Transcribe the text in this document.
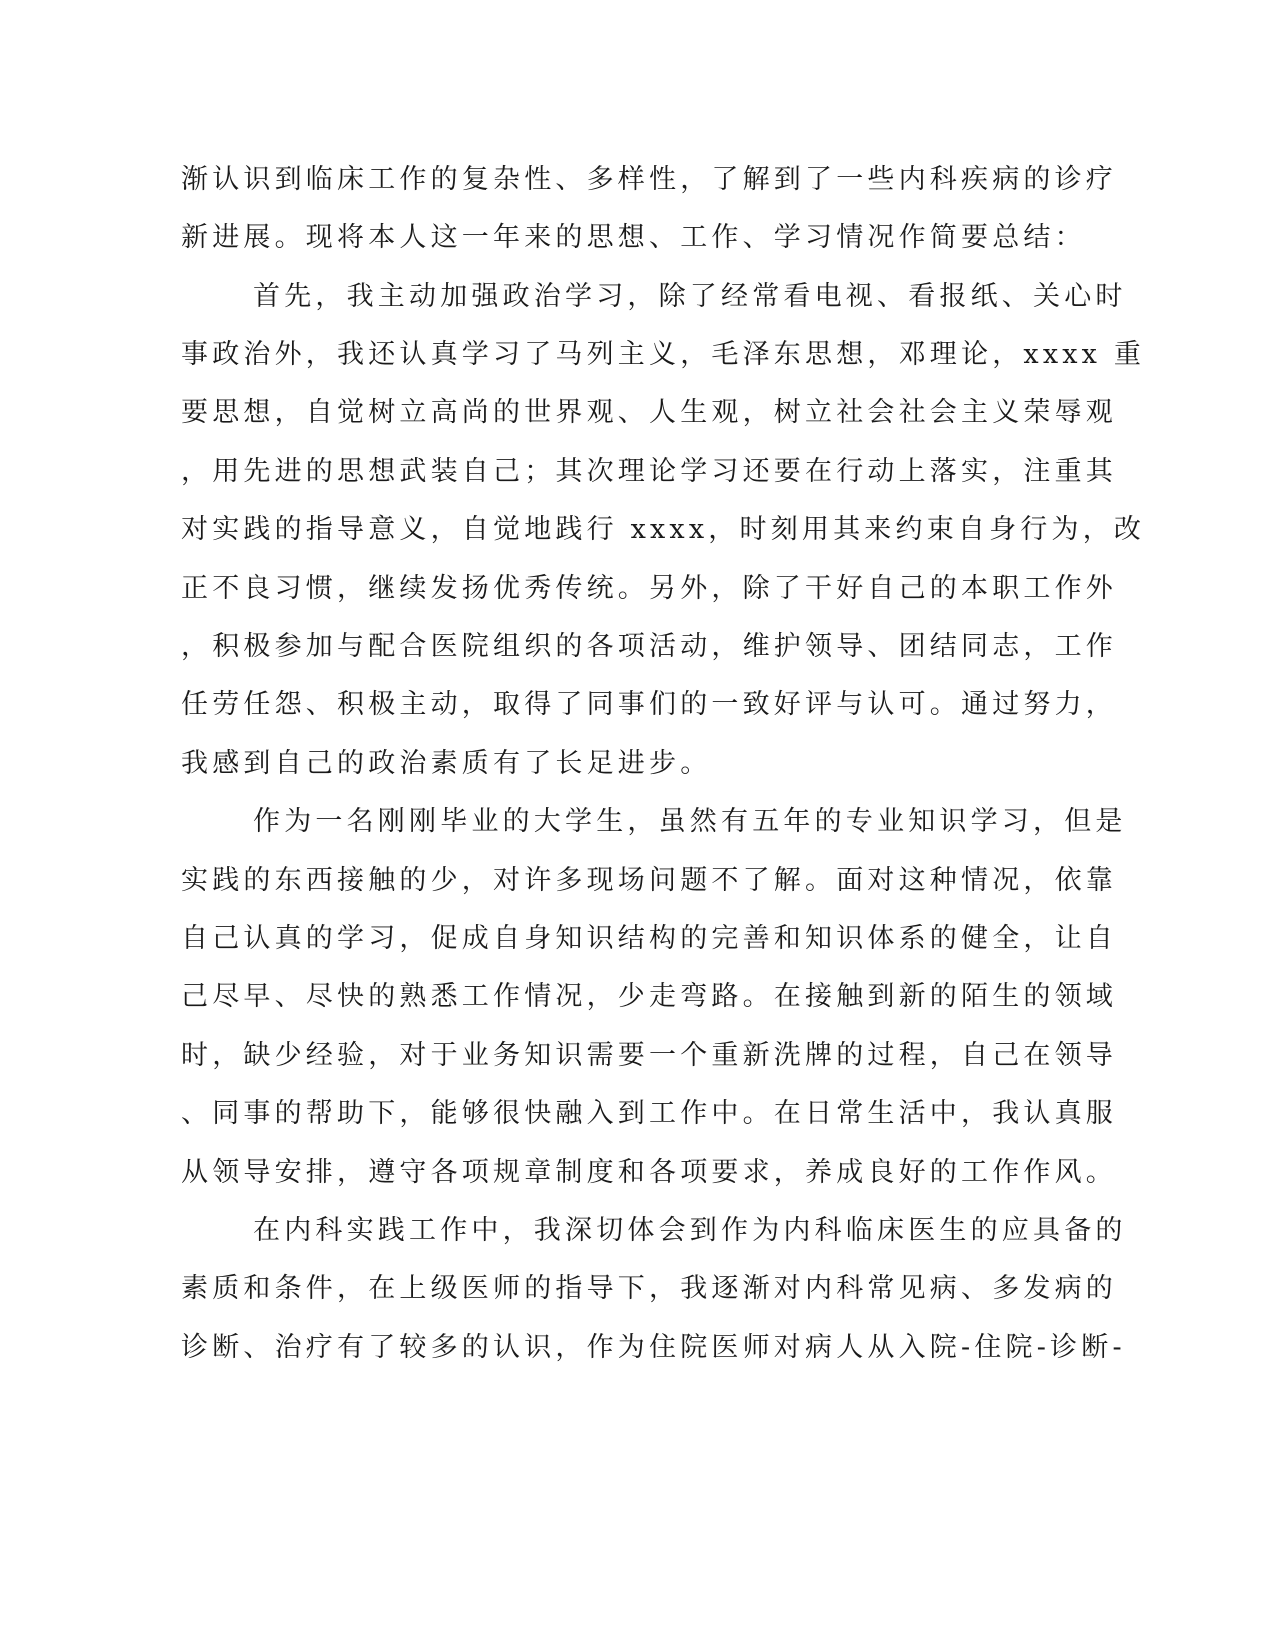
渐认识到临床工作的复杂性、多样性，了解到了一些内科疾病的诊疗
新进展。现将本人这一年来的思想、工作、学习情况作简要总结：
首先，我主动加强政治学习，除了经常看电视、看报纸、关心时
事政治外，我还认真学习了马列主义，毛泽东思想，邓理论，xxxx 重
要思想，自觉树立高尚的世界观、人生观，树立社会社会主义荣辱观
，用先进的思想武装自己；其次理论学习还要在行动上落实，注重其
对实践的指导意义，自觉地践行 xxxx，时刻用其来约束自身行为，改
正不良习惯，继续发扬优秀传统。另外，除了干好自己的本职工作外
，积极参加与配合医院组织的各项活动，维护领导、团结同志，工作
任劳任怨、积极主动，取得了同事们的一致好评与认可。通过努力，
我感到自己的政治素质有了长足进步。
作为一名刚刚毕业的大学生，虽然有五年的专业知识学习，但是
实践的东西接触的少，对许多现场问题不了解。面对这种情况，依靠
自己认真的学习，促成自身知识结构的完善和知识体系的健全，让自
己尽早、尽快的熟悉工作情况，少走弯路。在接触到新的陌生的领域
时，缺少经验，对于业务知识需要一个重新洗牌的过程，自己在领导
、同事的帮助下，能够很快融入到工作中。在日常生活中，我认真服
从领导安排，遵守各项规章制度和各项要求，养成良好的工作作风。
在内科实践工作中，我深切体会到作为内科临床医生的应具备的
素质和条件，在上级医师的指导下，我逐渐对内科常见病、多发病的
诊断、治疗有了较多的认识，作为住院医师对病人从入院-住院-诊断-
